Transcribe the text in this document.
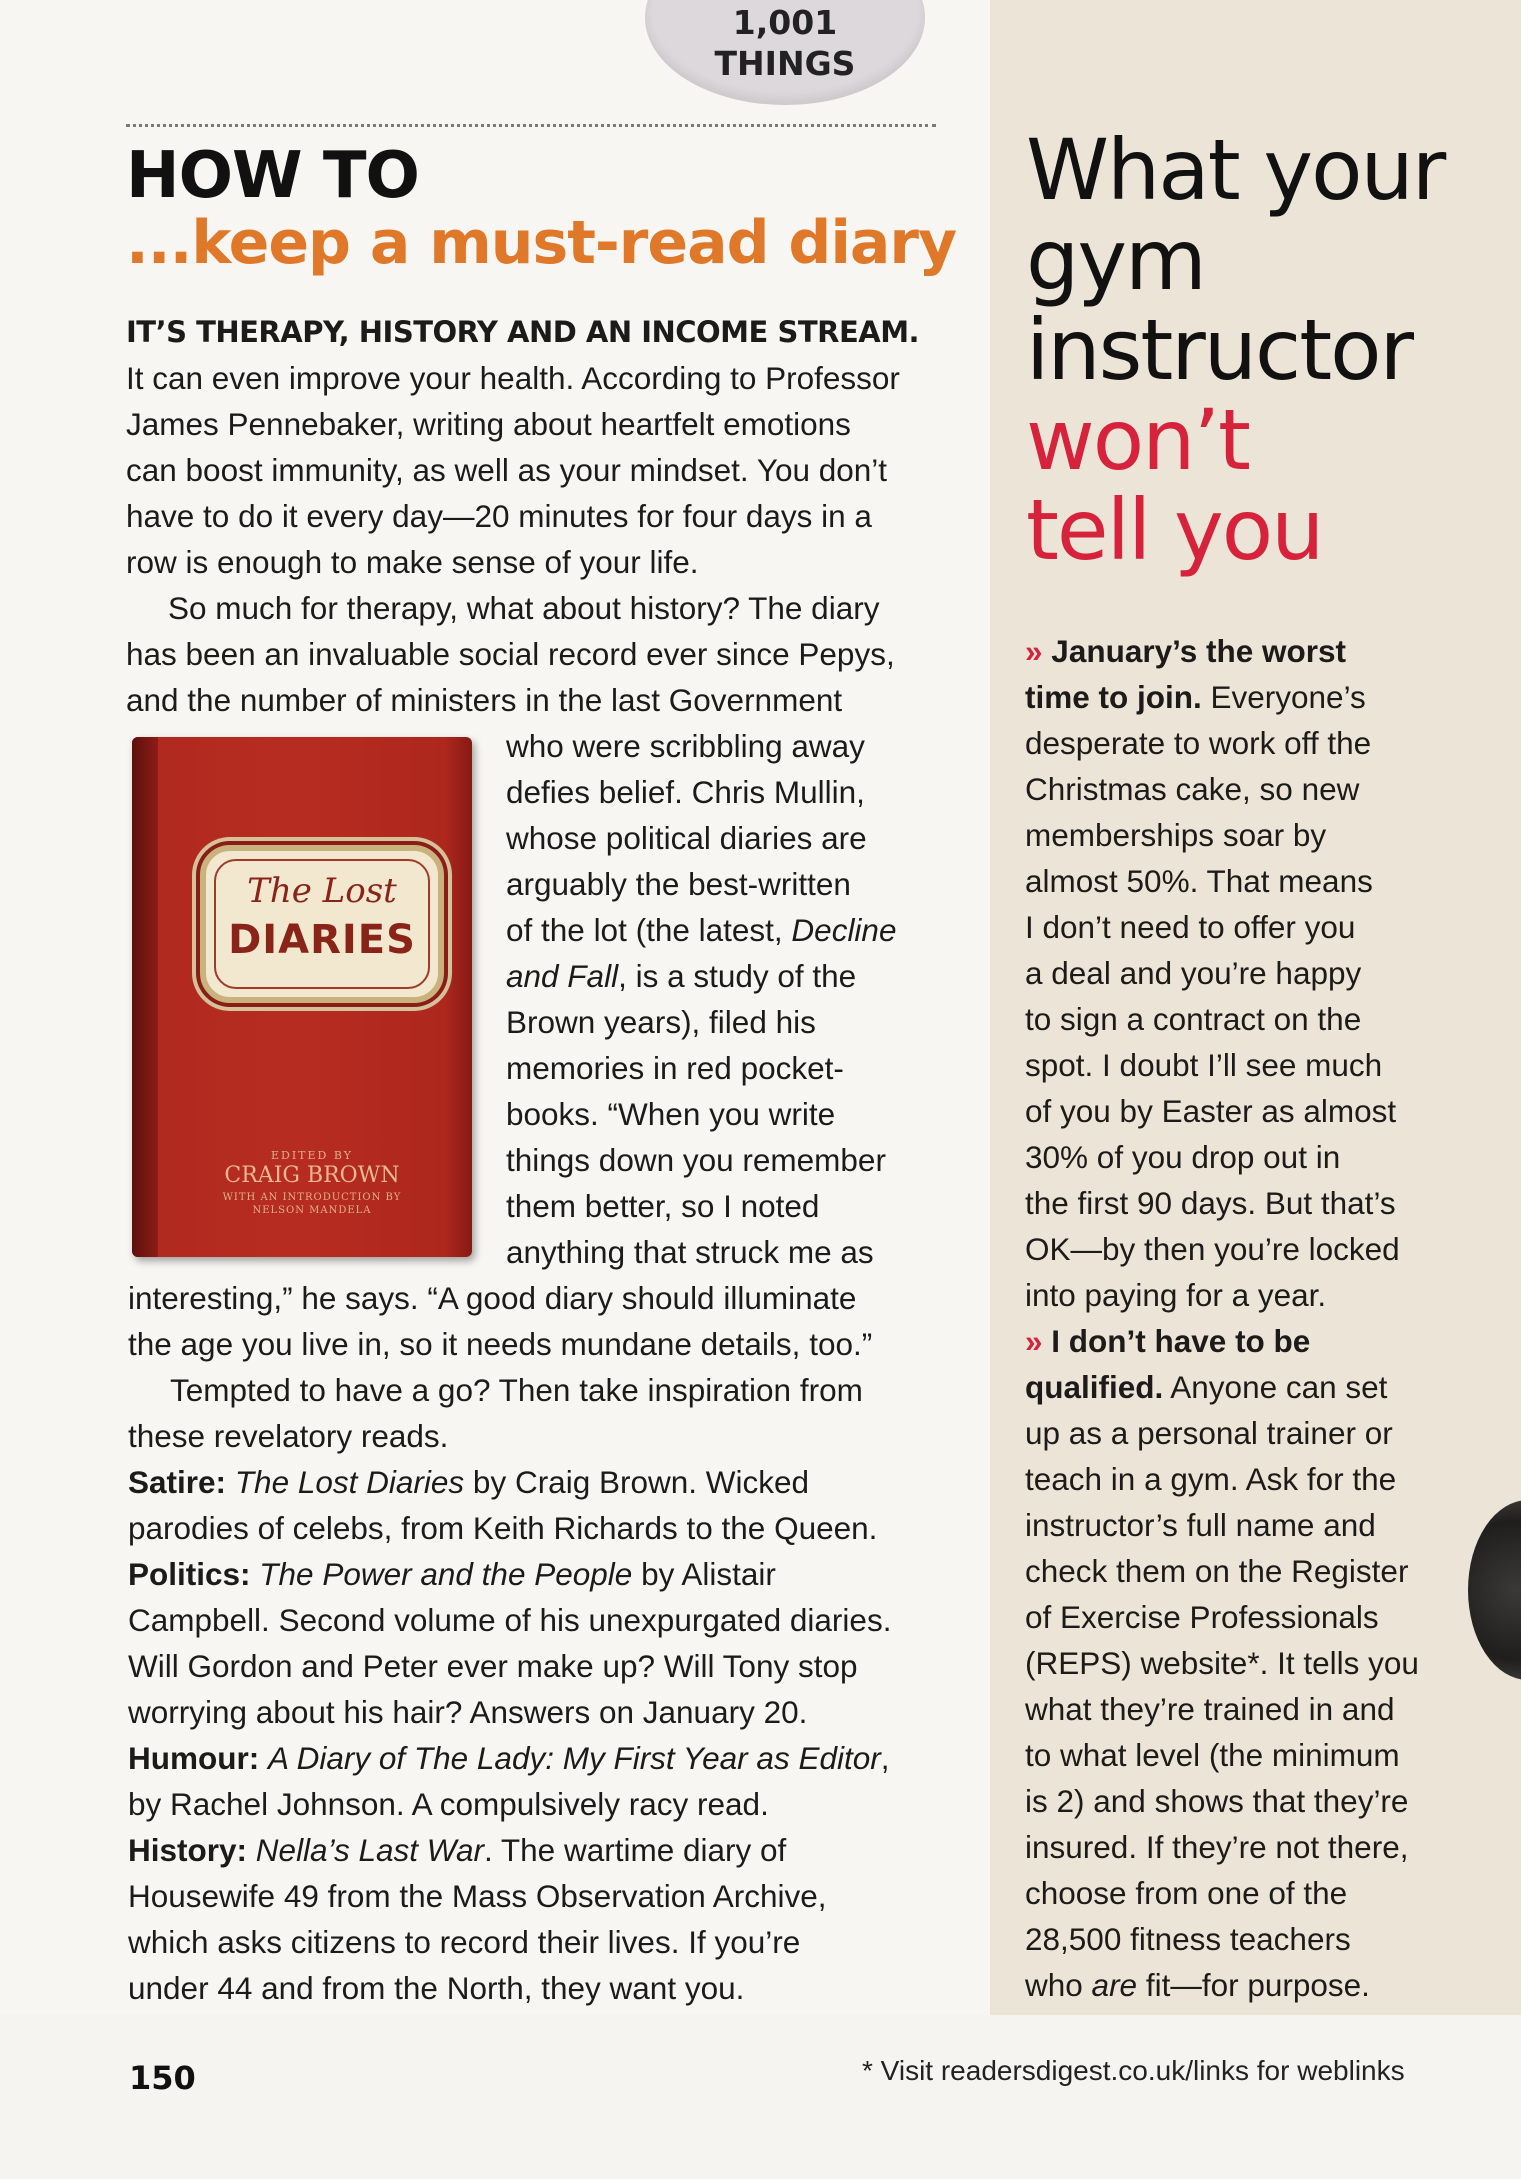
1,001
THINGS
HOW TO
...keep a must-read diary
IT’S THERAPY, HISTORY AND AN INCOME STREAM.
It can even improve your health. According to Professor
James Pennebaker, writing about heartfelt emotions
can boost immunity, as well as your mindset. You don’t
have to do it every day—20 minutes for four days in a
row is enough to make sense of your life.
So much for therapy, what about history? The diary
has been an invaluable social record ever since Pepys,
and the number of ministers in the last Government
who were scribbling away
defies belief. Chris Mullin,
whose political diaries are
arguably the best-written
of the lot (the latest, Decline
and Fall, is a study of the
Brown years), filed his
memories in red pocket-
books. “When you write
things down you remember
them better, so I noted
anything that struck me as
The Lost
DIARIES
EDITED BY
CRAIG BROWN
WITH AN INTRODUCTION BY
NELSON MANDELA
interesting,” he says. “A good diary should illuminate
the age you live in, so it needs mundane details, too.”
Tempted to have a go? Then take inspiration from
these revelatory reads.
Satire: The Lost Diaries by Craig Brown. Wicked
parodies of celebs, from Keith Richards to the Queen.
Politics: The Power and the People by Alistair
Campbell. Second volume of his unexpurgated diaries.
Will Gordon and Peter ever make up? Will Tony stop
worrying about his hair? Answers on January 20.
Humour: A Diary of The Lady: My First Year as Editor,
by Rachel Johnson. A compulsively racy read.
History: Nella’s Last War. The wartime diary of
Housewife 49 from the Mass Observation Archive,
which asks citizens to record their lives. If you’re
under 44 and from the North, they want you.
What your
gym
instructor
won’t
tell you
» January’s the worst
time to join. Everyone’s
desperate to work off the
Christmas cake, so new
memberships soar by
almost 50%. That means
I don’t need to offer you
a deal and you’re happy
to sign a contract on the
spot. I doubt I’ll see much
of you by Easter as almost
30% of you drop out in
the first 90 days. But that’s
OK—by then you’re locked
into paying for a year.
» I don’t have to be
qualified. Anyone can set
up as a personal trainer or
teach in a gym. Ask for the
instructor’s full name and
check them on the Register
of Exercise Professionals
(REPS) website*. It tells you
what they’re trained in and
to what level (the minimum
is 2) and shows that they’re
insured. If they’re not there,
choose from one of the
28,500 fitness teachers
who are fit—for purpose.
150	* Visit readersdigest.co.uk/links for weblinks
